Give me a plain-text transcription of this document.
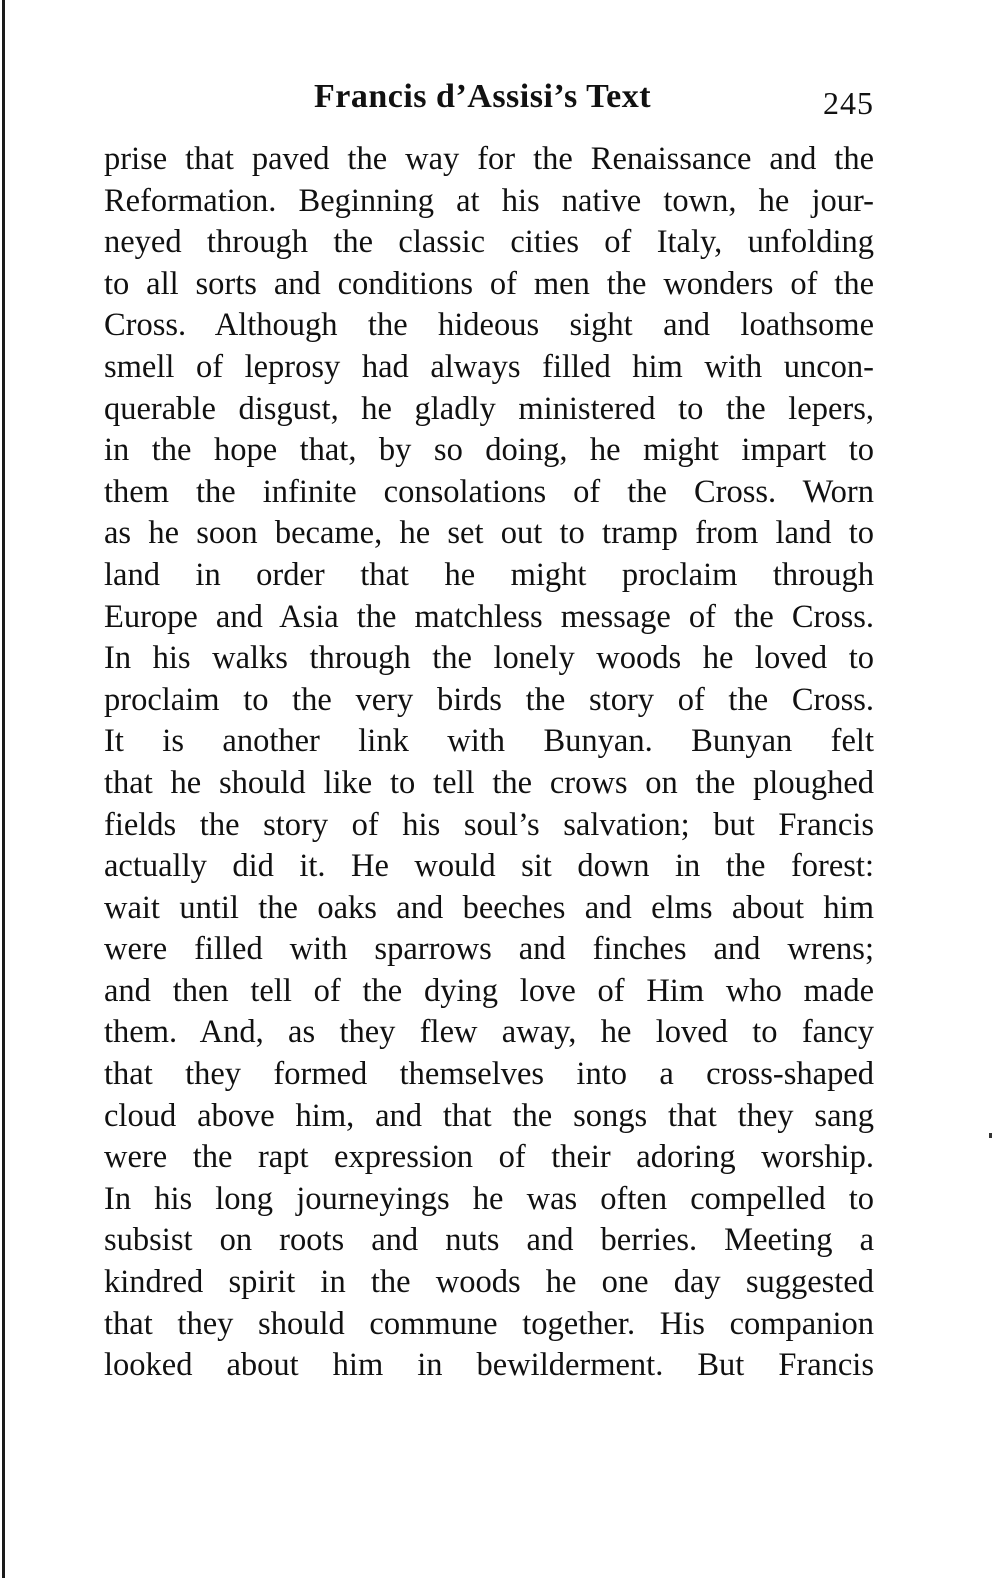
Francis d’Assisi’s Text	245
prise that paved the way for the Renaissance and the
Reformation. Beginning at his native town, he jour-
neyed through the classic cities of Italy, unfolding
to all sorts and conditions of men the wonders of the
Cross. Although the hideous sight and loathsome
smell of leprosy had always filled him with uncon-
querable disgust, he gladly ministered to the lepers,
in the hope that, by so doing, he might impart to
them the infinite consolations of the Cross. Worn
as he soon became, he set out to tramp from land to
land in order that he might proclaim through
Europe and Asia the matchless message of the Cross.
In his walks through the lonely woods he loved to
proclaim to the very birds the story of the Cross.
It is another link with Bunyan. Bunyan felt
that he should like to tell the crows on the ploughed
fields the story of his soul’s salvation; but Francis
actually did it. He would sit down in the forest:
wait until the oaks and beeches and elms about him
were filled with sparrows and finches and wrens;
and then tell of the dying love of Him who made
them. And, as they flew away, he loved to fancy
that they formed themselves into a cross-shaped
cloud above him, and that the songs that they sang
were the rapt expression of their adoring worship.
In his long journeyings he was often compelled to
subsist on roots and nuts and berries. Meeting a
kindred spirit in the woods he one day suggested
that they should commune together. His companion
looked about him in bewilderment. But Francis
